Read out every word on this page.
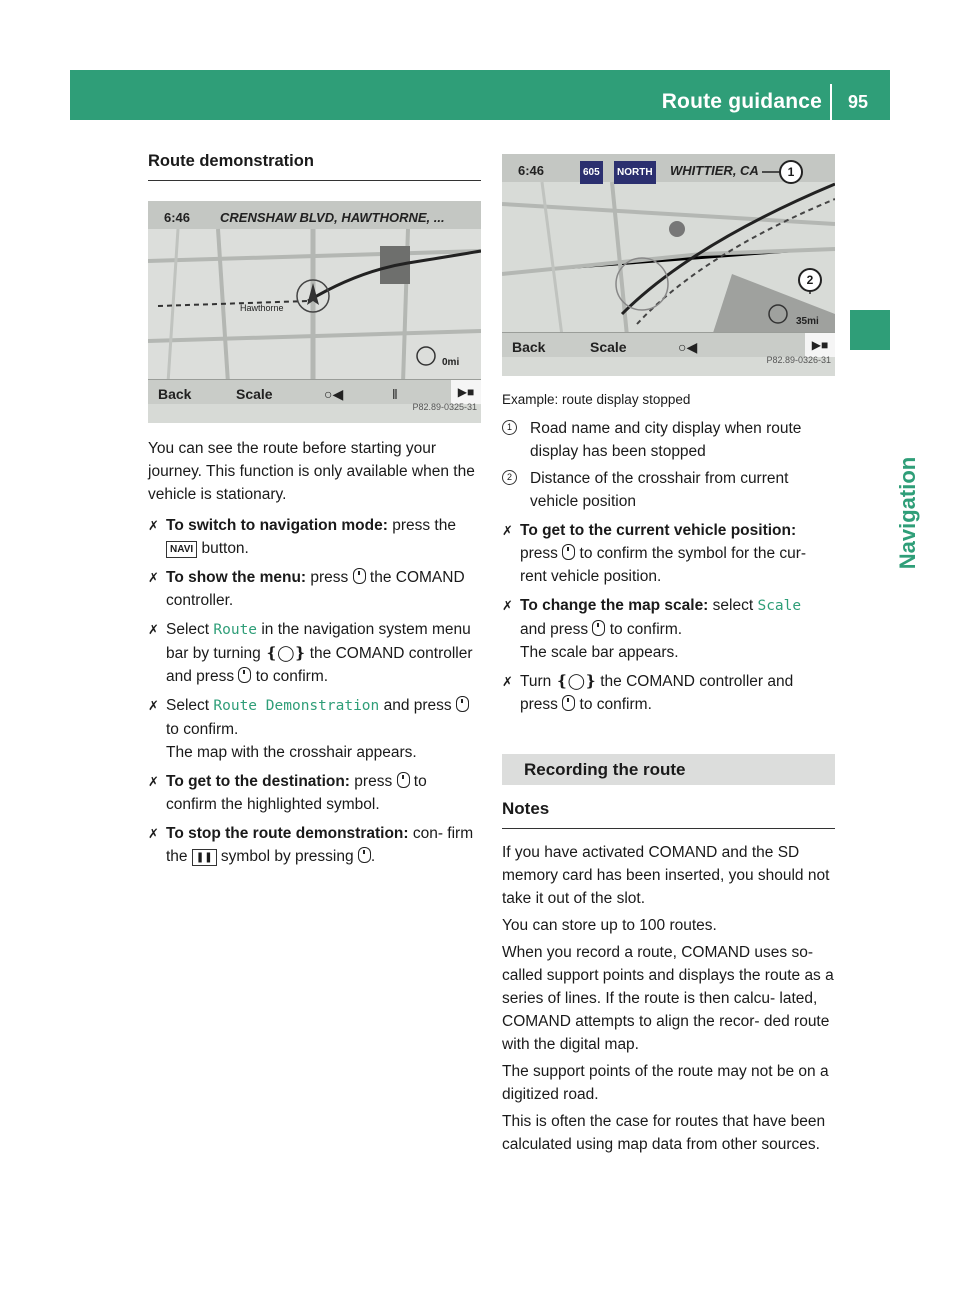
Route guidance 95
Navigation
Route demonstration
6:46 CRENSHAW BLVD, HAWTHORNE, ...
Hawthorne
0mi
Back	Scale	○◀	‖	▶■
P82.89-0325-31

You can see the route before starting your journey. This function is only available when the vehicle is stationary.

✗ To switch to navigation mode: press the NAVI button.
✗ To show the menu: press  the COMAND controller.
✗ Select Route in the navigation system menu bar by turning ❴◯❵ the COMAND controller and press  to confirm.
✗ Select Route Demonstration and press  to confirm.
The map with the crosshair appears.
✗ To get to the destination: press  to confirm the highlighted symbol.
✗ To stop the route demonstration: con- firm the ❚❚ symbol by pressing .
6:46	605	NORTH WHITTIER, CA	1
2
35mi
Back	Scale	○◀	▶■
P82.89-0326-31
Example: route display stopped
1	Road name and city display when route display has been stopped
2	Distance of the crosshair from current vehicle position
✗ To get to the current vehicle position: press  to confirm the symbol for the cur- rent vehicle position.
✗ To change the map scale: select Scale
and press  to confirm.
The scale bar appears.
✗ Turn ❴◯❵ the COMAND controller and press  to confirm.
Recording the route
Notes

If you have activated COMAND and the SD memory card has been inserted, you should not take it out of the slot.

You can store up to 100 routes.

When you record a route, COMAND uses so- called support points and displays the route as a series of lines. If the route is then calcu- lated, COMAND attempts to align the recor- ded route with the digital map.

The support points of the route may not be on a digitized road.

This is often the case for routes that have been calculated using map data from other sources.
